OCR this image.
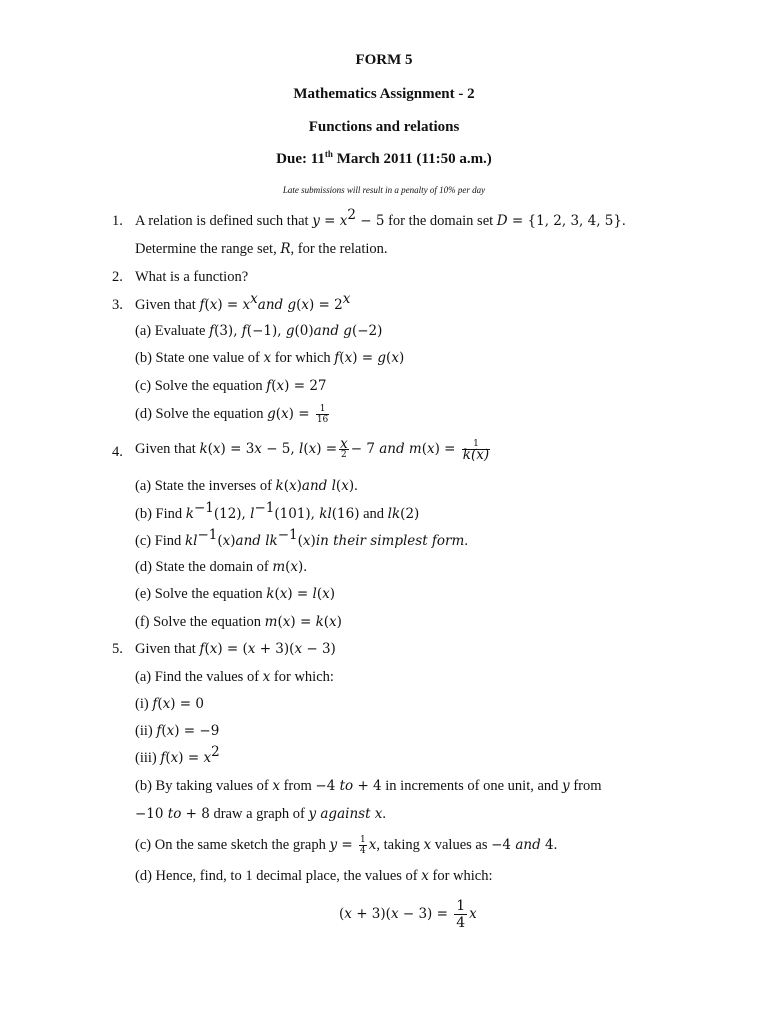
FORM 5
Mathematics Assignment - 2
Functions and relations
Due: 11th March 2011 (11:50 a.m.)
Late submissions will result in a penalty of 10% per day
1. A relation is defined such that $y = x^2 - 5$ for the domain set D = {1, 2, 3, 4, 5}.
Determine the range set, R, for the relation.
2. What is a function?
3. Given that $f(x) = x^xand$ $g(x) = 2^x$
(a) Evaluate f(3), f(−1), g(0)and g(−2)
(b) State one value of x for which f(x) = g(x)
(c) Solve the equation f(x) = 27
(d) Solve the equation $g(x) = \frac{1}{16}$
4. Given that k(x) = 3x − 5, $l(x) = \frac{x}{2} - 7$ and $m(x) = \frac{1}{k(x)}$
(a) State the inverses of k(x)and l(x).
(b) Find $k^{-1}(12)$, $l^{-1}(101)$, kl(16) and lk(2)
(c) Find $kl^{-1}(x)and$ $lk^{-1}(x)in$ their simplest form.
(d) State the domain of m(x).
(e) Solve the equation k(x) = l(x)
(f) Solve the equation m(x) = k(x)
5. Given that f(x) = (x + 3)(x − 3)
(a) Find the values of x for which:
(i) f(x) = 0
(ii) f(x) = −9
(iii) $f(x) = x^2$
(b) By taking values of x from −4 to + 4 in increments of one unit, and y from
−10 to + 8 draw a graph of y against x.
(c) On the same sketch the graph $y = \frac{1}{4} x$, taking x values as −4 and 4.
(d) Hence, find, to 1 decimal place, the values of x for which:
$(x + 3)(x - 3) = \frac{1}{4}$ x
